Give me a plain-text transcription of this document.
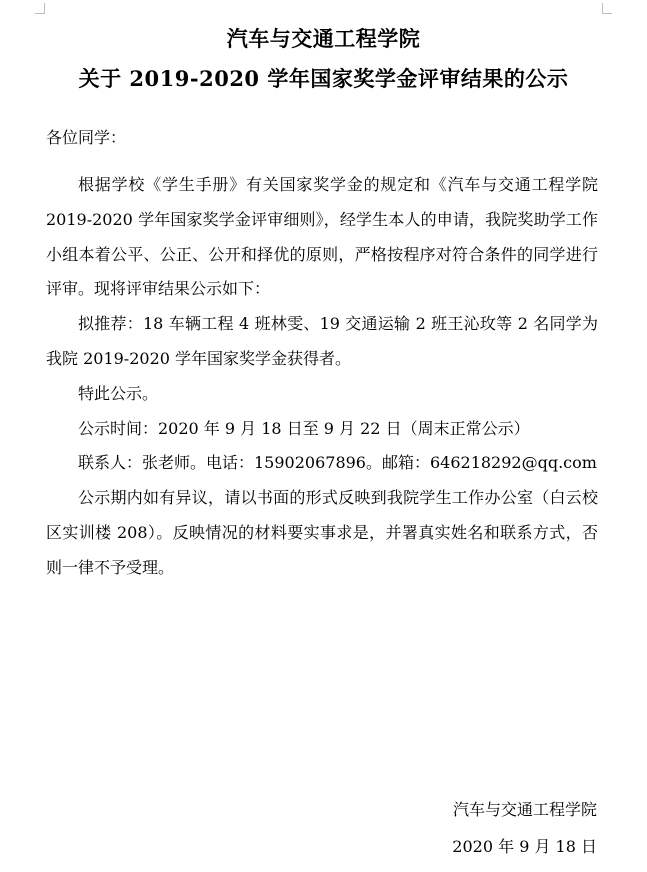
汽车与交通工程学院
关于 2019-2020 学年国家奖学金评审结果的公示
各位同学：

根据学校《学生手册》有关国家奖学金的规定和《汽车与交通工程学院 2019-2020 学年国家奖学金评审细则》，经学生本人的申请，我院奖助学工作小组本着公平、公正、公开和择优的原则，严格按程序对符合条件的同学进行评审。现将评审结果公示如下：

拟推荐：18 车辆工程 4 班林雯、19 交通运输 2 班王沁玫等 2 名同学为我院 2019-2020 学年国家奖学金获得者。

特此公示。

公示时间：2020 年 9 月 18 日至 9 月 22 日（周末正常公示）

联系人：张老师。电话：15902067896。邮箱：646218292@qq.com

公示期内如有异议，请以书面的形式反映到我院学生工作办公室（白云校区实训楼 208）。反映情况的材料要实事求是，并署真实姓名和联系方式，否则一律不予受理。

汽车与交通工程学院
2020 年 9 月 18 日
